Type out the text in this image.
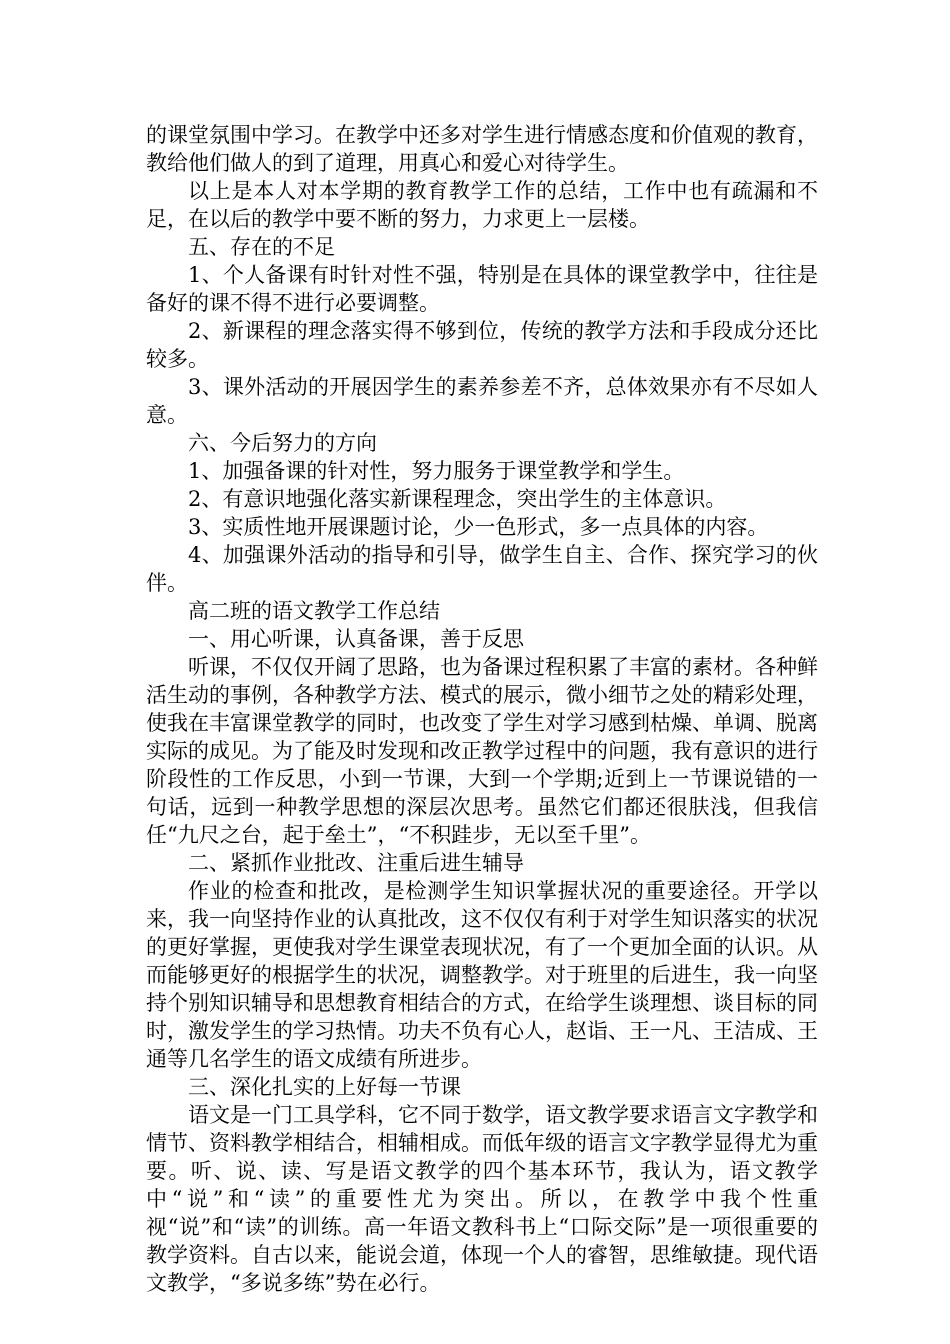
的课堂氛围中学习。在教学中还多对学生进行情感态度和价值观的教育，教给他们做人的到了道理，用真心和爱心对待学生。

以上是本人对本学期的教育教学工作的总结，工作中也有疏漏和不足，在以后的教学中要不断的努力，力求更上一层楼。

五、存在的不足

1、个人备课有时针对性不强，特别是在具体的课堂教学中，往往是备好的课不得不进行必要调整。

2、新课程的理念落实得不够到位，传统的教学方法和手段成分还比较多。

3、课外活动的开展因学生的素养参差不齐，总体效果亦有不尽如人意。

六、今后努力的方向

1、加强备课的针对性，努力服务于课堂教学和学生。

2、有意识地强化落实新课程理念，突出学生的主体意识。

3、实质性地开展课题讨论，少一色形式，多一点具体的内容。

4、加强课外活动的指导和引导，做学生自主、合作、探究学习的伙伴。

高二班的语文教学工作总结

一、用心听课，认真备课，善于反思

听课，不仅仅开阔了思路，也为备课过程积累了丰富的素材。各种鲜活生动的事例，各种教学方法、模式的展示，微小细节之处的精彩处理，使我在丰富课堂教学的同时，也改变了学生对学习感到枯燥、单调、脱离实际的成见。为了能及时发现和改正教学过程中的问题，我有意识的进行阶段性的工作反思，小到一节课，大到一个学期;近到上一节课说错的一句话，远到一种教学思想的深层次思考。虽然它们都还很肤浅，但我信任“九尺之台，起于垒土”，“不积跬步，无以至千里”。

二、紧抓作业批改、注重后进生辅导

作业的检查和批改，是检测学生知识掌握状况的重要途径。开学以来，我一向坚持作业的认真批改，这不仅仅有利于对学生知识落实的状况的更好掌握，更使我对学生课堂表现状况，有了一个更加全面的认识。从而能够更好的根据学生的状况，调整教学。对于班里的后进生，我一向坚持个别知识辅导和思想教育相结合的方式，在给学生谈理想、谈目标的同时，激发学生的学习热情。功夫不负有心人，赵诣、王一凡、王洁成、王通等几名学生的语文成绩有所进步。

三、深化扎实的上好每一节课

语文是一门工具学科，它不同于数学，语文教学要求语言文字教学和情节、资料教学相结合，相辅相成。而低年级的语言文字教学显得尤为重要。听、说、读、写是语文教学的四个基本环节，我认为，语文教学中“说”和“读”的重要性尤为突出。所以，在教学中我个性重视“说”和“读”的训练。高一年语文教科书上“口际交际”是一项很重要的教学资料。自古以来，能说会道，体现一个人的睿智，思维敏捷。现代语文教学，“多说多练”势在必行。
